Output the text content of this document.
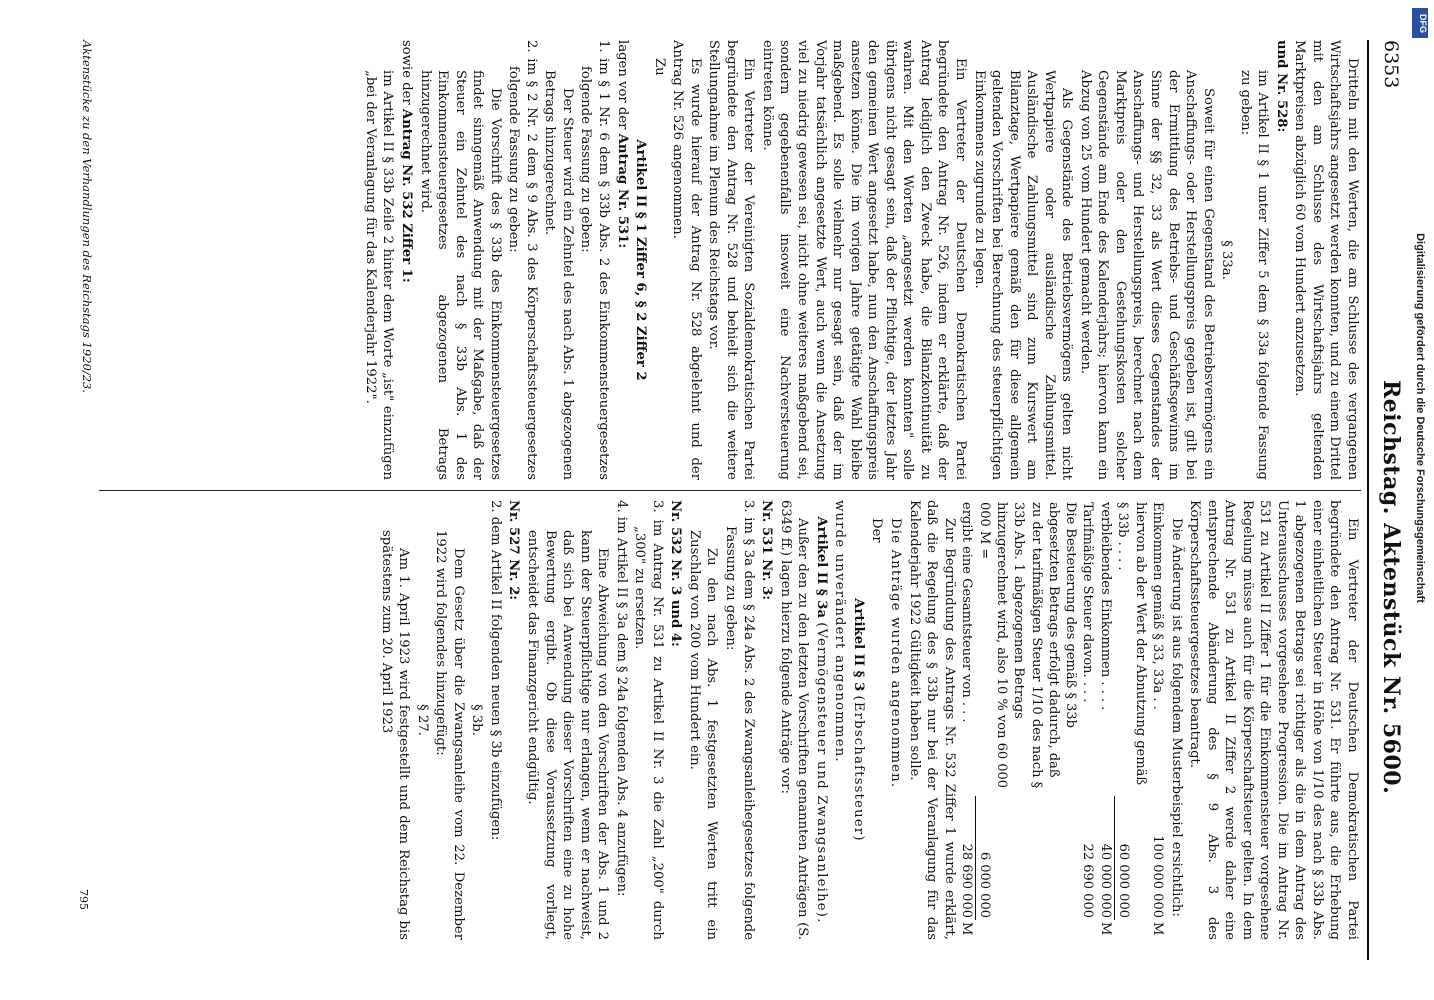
6353
Reichstag. Aktenstück Nr. 5600.

Dritteln mit den Werten, die am Schlusse des vergangenen Wirtschaftsjahrs angesetzt werden konnten, und zu einem Drittel mit den am Schlusse des Wirtschaftsjahrs geltenden Marktpreisen abzüglich 60 vom Hundert anzusetzen.

und Nr. 528:

im Artikel II § 1 unter Ziffer 5 dem § 33a folgende Fassung zu geben:

§ 33a.

Soweit für einen Gegenstand des Betriebsvermögens ein Anschaffungs- oder Herstellungspreis gegeben ist, gilt bei der Ermittlung des Betriebs- und Geschäftsgewinns im Sinne der §§ 32, 33 als Wert dieses Gegenstandes der Anschaffungs- und Herstellungspreis, berechnet nach dem Marktpreis oder den Gestehungskosten solcher Gegenstände am Ende des Kalenderjahrs; hiervon kann ein Abzug von 25 vom Hundert gemacht werden.

Als Gegenstände des Betriebsvermögens gelten nicht Wertpapiere oder ausländische Zahlungsmittel. Ausländische Zahlungsmittel sind zum Kurswert am Bilanztage, Wertpapiere gemäß den für diese allgemein geltenden Vorschriften bei Berechnung des steuerpflichtigen Einkommens zugrunde zu legen.

Ein Vertreter der Deutschen Demokratischen Partei begründete den Antrag Nr. 526, indem er erklärte, daß der Antrag lediglich den Zweck habe, die Bilanzkontinuität zu wahren. Mit den Worten „angesetzt werden konnten" solle übrigens nicht gesagt sein, daß der Pflichtige, der letztes Jahr den gemeinen Wert angesetzt habe, nun den Anschaffungspreis ansetzen könne. Die im vorigen Jahre getätigte Wahl bleibe maßgebend. Es solle vielmehr nur gesagt sein, daß der im Vorjahr tatsächlich angesetzte Wert, auch wenn die Ansetzung viel zu niedrig gewesen sei, nicht ohne weiteres maßgebend sei, sondern gegebenenfalls insoweit eine Nachversteuerung eintreten könne.

Ein Vertreter der Vereinigten Sozialdemokratischen Partei begründete den Antrag Nr. 528 und behielt sich die weitere Stellungnahme im Plenum des Reichstags vor.

Es wurde hierauf der Antrag Nr. 528 abgelehnt und der Antrag Nr. 526 angenommen.

Zu

Artikel II § 1 Ziffer 6, § 2 Ziffer 2

lagen vor der Antrag Nr. 531:

1. im § 1 Nr. 6 dem § 33b Abs. 2 des Einkommensteuergesetzes folgende Fassung zu geben:

Der Steuer wird ein Zehntel des nach Abs. 1 abgezogenen Betrags hinzugerechnet.

2. im § 2 Nr. 2 dem § 9 Abs. 3 des Körperschaftssteuergesetzes folgende Fassung zu geben:

Die Vorschrift des § 33b des Einkommensteuergesetzes findet sinngemäß Anwendung mit der Maßgabe, daß der Steuer ein Zehntel des nach § 33b Abs. 1 des Einkommensteuergesetzes abgezogenen Betrags hinzugerechnet wird.

sowie der Antrag Nr. 532 Ziffer 1:

im Artikel II § 33b Zeile 2 hinter dem Worte „ist" einzufügen „bei der Veranlagung für das Kalenderjahr 1922".

Ein Vertreter der Deutschen Demokratischen Partei begründete den Antrag Nr. 531. Er führte aus, die Erhebung einer einheitlichen Steuer in Höhe von 1/10 des nach § 33b Abs. 1 abgezogenen Betrags sei richtiger als die in dem Antrag des Unterausschusses vorgesehene Progression. Die im Antrag Nr. 531 zu Artikel II Ziffer 1 für die Einkommensteuer vorgesehene Regelung müsse auch für die Körperschaftsteuer gelten. In dem Antrag Nr. 531 zu Artikel II Ziffer 2 werde daher eine entsprechende Abänderung des § 9 Abs. 3 des Körperschaftssteuergesetzes beantragt.

Die Änderung ist aus folgendem Musterbeispiel ersichtlich:

Einkommen gemäß § 33, 33a . .	100 000 000	M
hiervon ab der Wert der Abnutzung gemäß § 33b . . . .	60 000 000	
verbleibendes Einkommen . . . .	40 000 000	M
Tarifmäßige Steuer davon. . . .	22 690 000	
Die Besteuerung des gemäß § 33b abgesetzten Betrags erfolgt dadurch, daß zu der tarifmäßigen Steuer 1/10 des nach § 33b Abs. 1 abgezogenen Betrags hinzugerechnet wird, also 10 % von 60 000 000 M =	6 000 000	
ergibt eine Gesamtsteuer von . . .	28 690 000	M

Zur Begründung des Antrags Nr. 532 Ziffer 1 wurde erklärt, daß die Regelung des § 33b nur bei der Veranlagung für das Kalenderjahr 1922 Gültigkeit haben solle.

Die Anträge wurden angenommen.

Der

Artikel II § 3 (Erbschaftssteuer)

wurde unverändert angenommen.

Artikel II § 3a (Vermögensteuer und Zwangsanleihe).

Außer den zu den letzten Vorschriften genannten Anträgen (S. 6349 ff.) lagen hierzu folgende Anträge vor:

Nr. 531 Nr. 3:

3. im § 3a dem § 24a Abs. 2 des Zwangsanleihegesetzes folgende Fassung zu geben:

Zu den nach Abs. 1 festgesetzten Werten tritt ein Zuschlag von 200 vom Hundert ein.

Nr. 532 Nr. 3 und 4:

3. im Antrag Nr. 531 zu Artikel II Nr. 3 die Zahl „200" durch „300" zu ersetzen.

4. im Artikel II § 3a dem § 24a folgenden Abs. 4 anzufügen:

Eine Abweichung von den Vorschriften der Abs. 1 und 2 kann der Steuerpflichtige nur erlangen, wenn er nachweist, daß sich bei Anwendung dieser Vorschriften eine zu hohe Bewertung ergibt. Ob diese Voraussetzung vorliegt, entscheidet das Finanzgericht endgültig.

Nr. 527 Nr. 2:

2. dem Artikel II folgenden neuen § 3b einzufügen:

§ 3b.

Dem Gesetz über die Zwangsanleihe vom 22. Dezember 1922 wird folgendes hinzugefügt:

§ 27.

Am 1. April 1923 wird festgestellt und dem Reichstag bis spätestens zum 20. April 1923

Aktenstücke zu den Verhandlungen des Reichstags 1920/23.
795
DFG
Digitalisierung gefördert durch die Deutsche Forschungsgemeinschaft
